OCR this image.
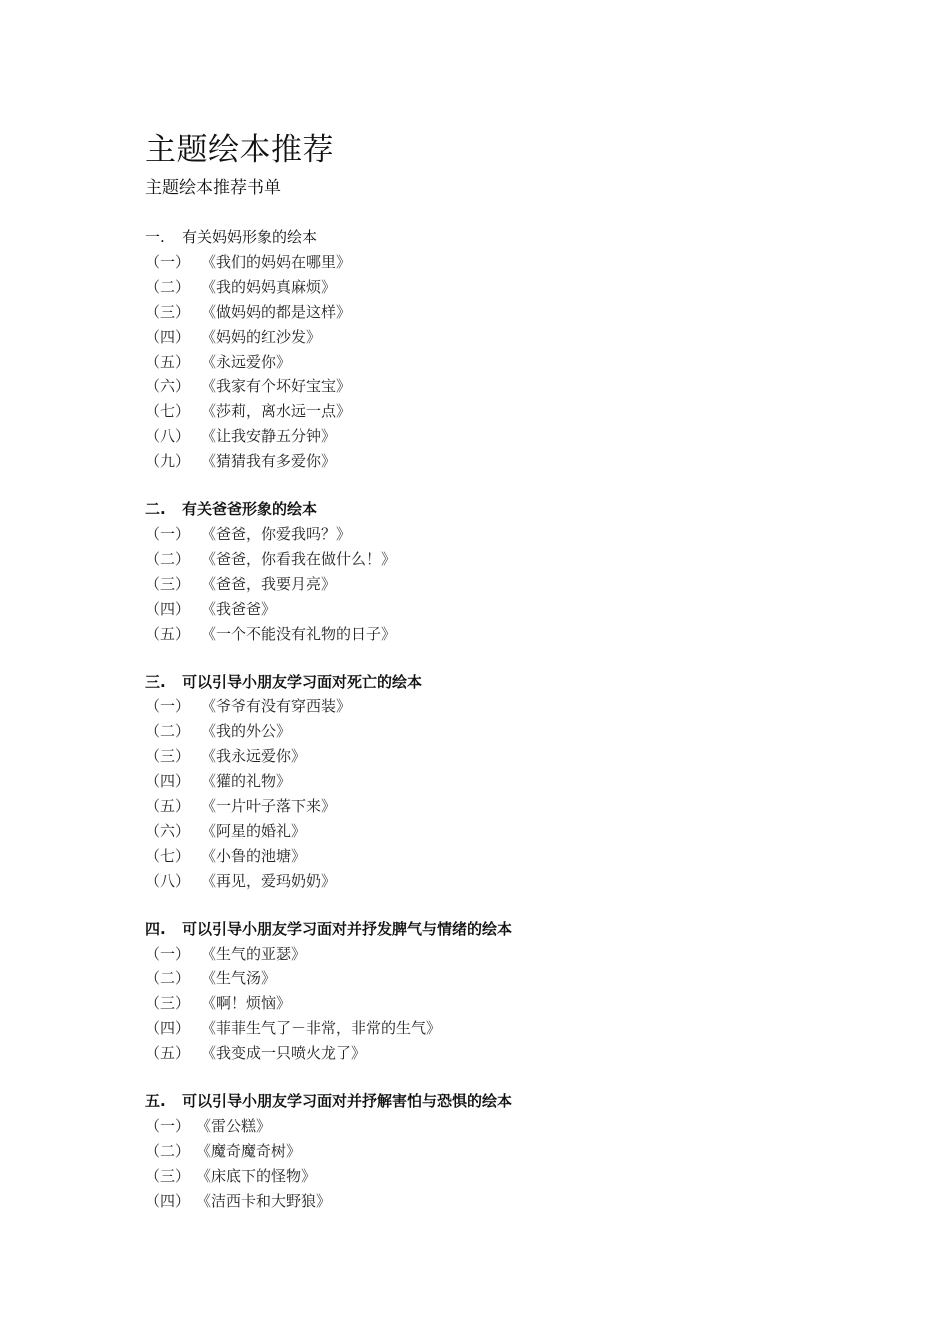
主题绘本推荐
主题绘本推荐书单
一. 有关妈妈形象的绘本
（一） 《我们的妈妈在哪里》
（二） 《我的妈妈真麻烦》
（三） 《做妈妈的都是这样》
（四） 《妈妈的红沙发》
（五） 《永远爱你》
（六） 《我家有个坏好宝宝》
（七） 《莎莉，离水远一点》
（八） 《让我安静五分钟》
（九） 《猜猜我有多爱你》
二. 有关爸爸形象的绘本
（一） 《爸爸，你爱我吗？》
（二） 《爸爸，你看我在做什么！》
（三） 《爸爸，我要月亮》
（四） 《我爸爸》
（五） 《一个不能没有礼物的日子》
三. 可以引导小朋友学习面对死亡的绘本
（一） 《爷爷有没有穿西装》
（二） 《我的外公》
（三） 《我永远爱你》
（四） 《獾的礼物》
（五） 《一片叶子落下来》
（六） 《阿星的婚礼》
（七） 《小鲁的池塘》
（八） 《再见，爱玛奶奶》
四. 可以引导小朋友学习面对并抒发脾气与情绪的绘本
（一） 《生气的亚瑟》
（二） 《生气汤》
（三） 《啊！烦恼》
（四） 《菲菲生气了－非常，非常的生气》
（五） 《我变成一只喷火龙了》
五. 可以引导小朋友学习面对并抒解害怕与恐惧的绘本
（一） 《雷公糕》
（二） 《魔奇魔奇树》
（三） 《床底下的怪物》
（四） 《洁西卡和大野狼》
